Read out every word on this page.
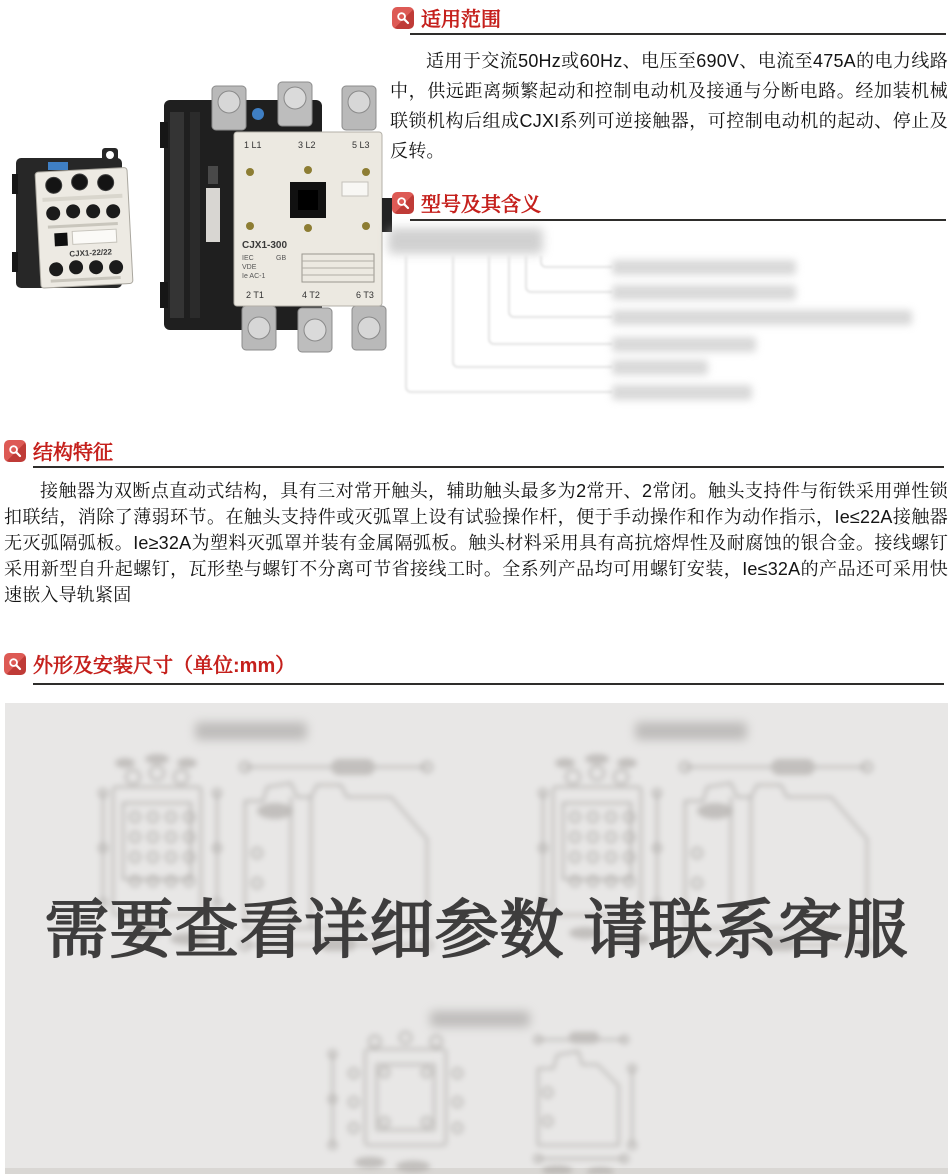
1 L1	3 L2	5 L3
CJX1-300
IEC	GB
VDE
Ie AC-1
2 T1	4 T2	6 T3
CJX1-22/22
适用范围
适用于交流50Hz或60Hz、电压至690V、电流至475A的电力线路中，供远距离频繁起动和控制电动机及接通与分断电路。经加装机械联锁机构后组成CJXI系列可逆接触器，可控制电动机的起动、停止及反转。
型号及其含义
结构特征
接触器为双断点直动式结构，具有三对常开触头，辅助触头最多为2常开、2常闭。触头支持件与衔铁采用弹性锁扣联结，消除了薄弱环节。在触头支持件或灭弧罩上设有试验操作杆，便于手动操作和作为动作指示，Ie≤22A接触器无灭弧隔弧板。Ie≥32A为塑料灭弧罩并装有金属隔弧板。触头材料采用具有高抗熔焊性及耐腐蚀的银合金。接线螺钉采用新型自升起螺钉，瓦形垫与螺钉不分离可节省接线工时。全系列产品均可用螺钉安装，Ie≤32A的产品还可采用快速嵌入导轨紧固
外形及安装尺寸（单位:mm）
需要查看详细参数 请联系客服
